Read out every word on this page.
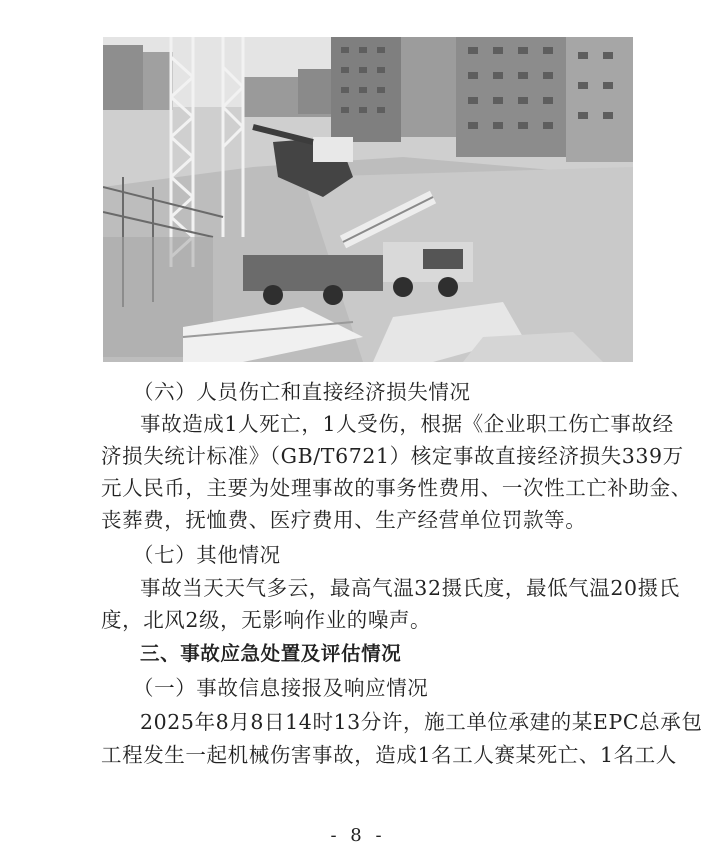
（六）人员伤亡和直接经济损失情况
事故造成1人死亡，1人受伤，根据《企业职工伤亡事故经
济损失统计标准》（GB/T6721）核定事故直接经济损失339万
元人民币，主要为处理事故的事务性费用、一次性工亡补助金、
丧葬费，抚恤费、医疗费用、生产经营单位罚款等。
（七）其他情况
事故当天天气多云，最高气温32摄氏度，最低气温20摄氏
度，北风2级，无影响作业的噪声。
三、事故应急处置及评估情况
（一）事故信息接报及响应情况
2025年8月8日14时13分许，施工单位承建的某EPC总承包
工程发生一起机械伤害事故，造成1名工人赛某死亡、1名工人
- 8 -
